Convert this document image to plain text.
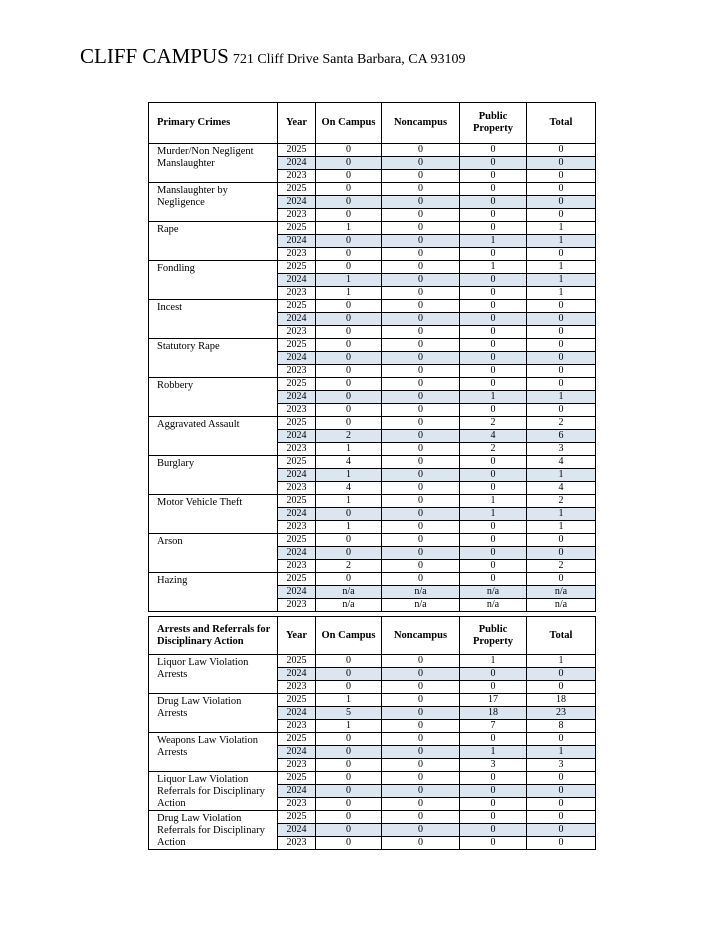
CLIFF CAMPUS 721 Cliff Drive Santa Barbara, CA 93109
Primary Crimes	Year	On Campus	Noncampus	Public Property	Total
Murder/Non Negligent Manslaughter	2025	0	0	0	0
	2024	0	0	0	0
	2023	0	0	0	0
Manslaughter by Negligence	2025	0	0	0	0
	2024	0	0	0	0
	2023	0	0	0	0
Rape	2025	1	0	0	1
	2024	0	0	1	1
	2023	0	0	0	0
Fondling	2025	0	0	1	1
	2024	1	0	0	1
	2023	1	0	0	1
Incest	2025	0	0	0	0
	2024	0	0	0	0
	2023	0	0	0	0
Statutory Rape	2025	0	0	0	0
	2024	0	0	0	0
	2023	0	0	0	0
Robbery	2025	0	0	0	0
	2024	0	0	1	1
	2023	0	0	0	0
Aggravated Assault	2025	0	0	2	2
	2024	2	0	4	6
	2023	1	0	2	3
Burglary	2025	4	0	0	4
	2024	1	0	0	1
	2023	4	0	0	4
Motor Vehicle Theft	2025	1	0	1	2
	2024	0	0	1	1
	2023	1	0	0	1
Arson	2025	0	0	0	0
	2024	0	0	0	0
	2023	2	0	0	2
Hazing	2025	0	0	0	0
	2024	n/a	n/a	n/a	n/a
	2023	n/a	n/a	n/a	n/a
Arrests and Referrals for Disciplinary Action	Year	On Campus	Noncampus	Public Property	Total
Liquor Law Violation Arrests	2025	0	0	1	1
	2024	0	0	0	0
	2023	0	0	0	0
Drug Law Violation Arrests	2025	1	0	17	18
	2024	5	0	18	23
	2023	1	0	7	8
Weapons Law Violation Arrests	2025	0	0	0	0
	2024	0	0	1	1
	2023	0	0	3	3
Liquor Law Violation Referrals for Disciplinary Action	2025	0	0	0	0
	2024	0	0	0	0
	2023	0	0	0	0
Drug Law Violation Referrals for Disciplinary Action	2025	0	0	0	0
	2024	0	0	0	0
	2023	0	0	0	0
